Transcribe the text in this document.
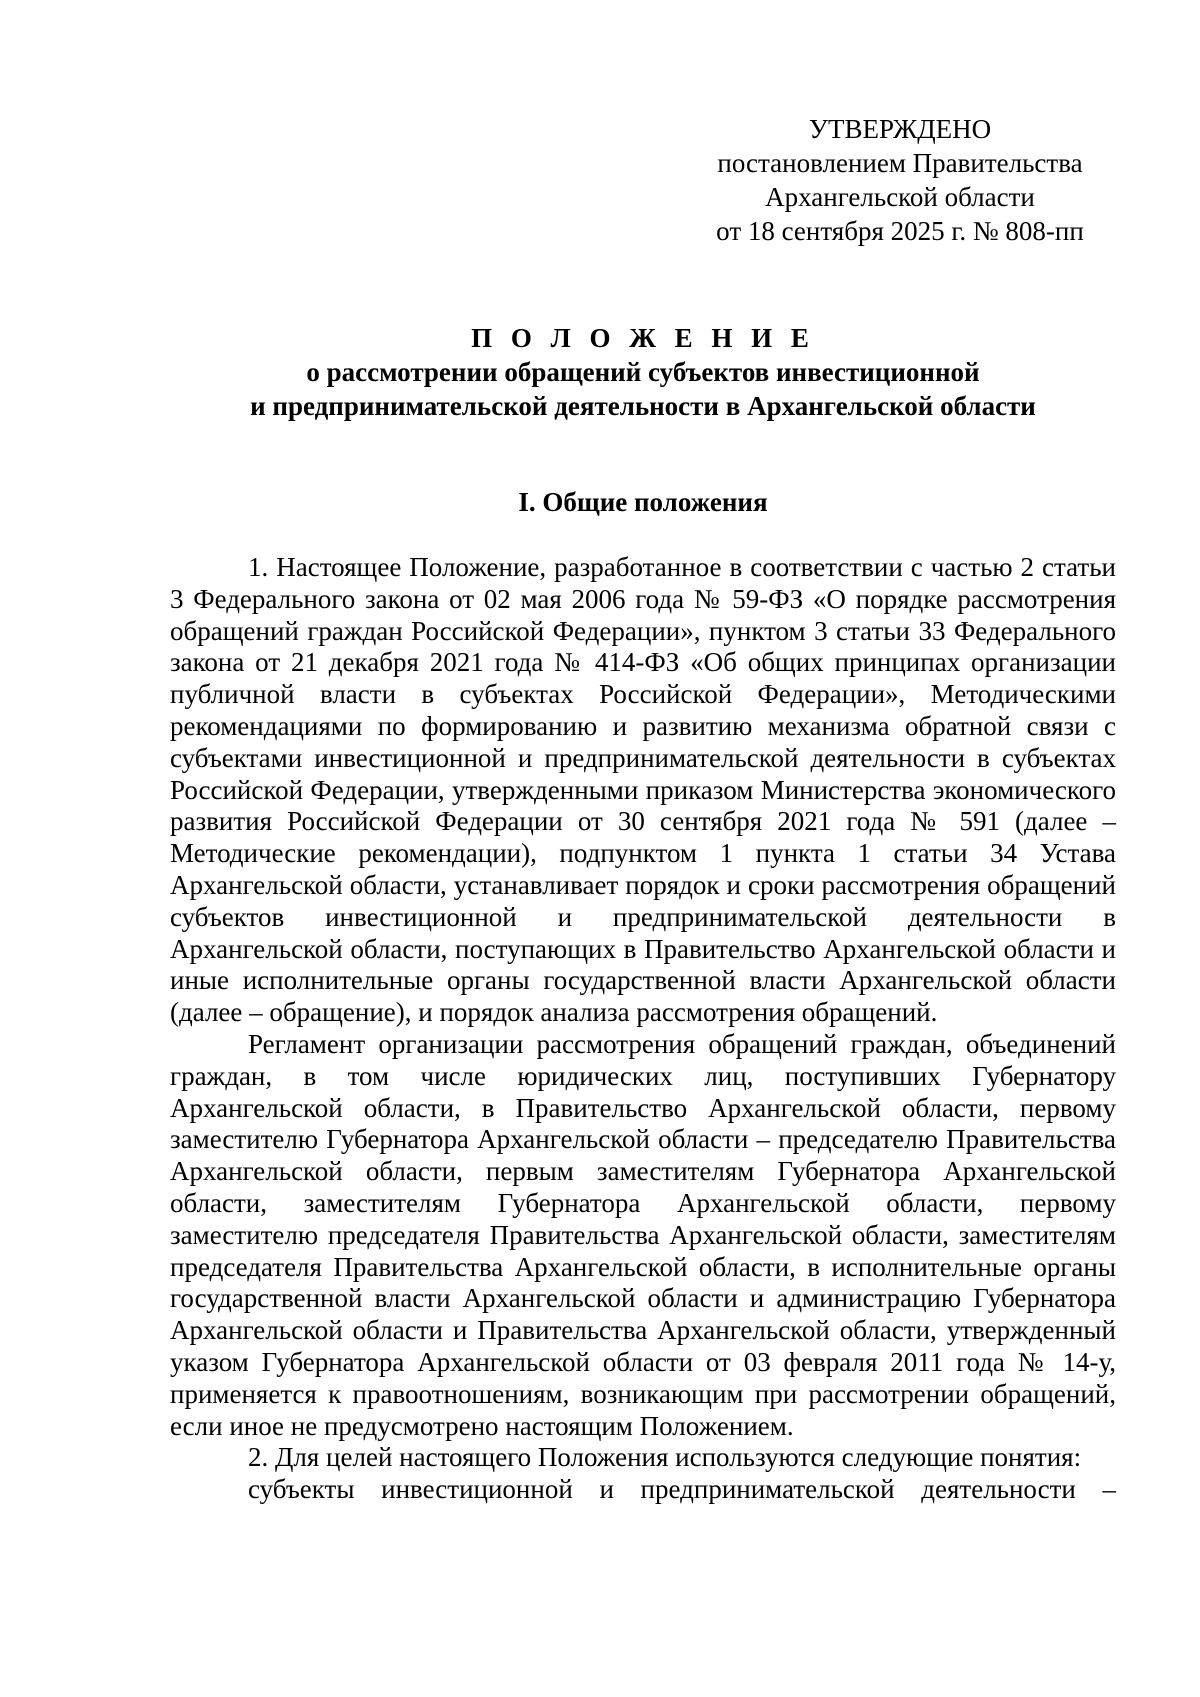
УТВЕРЖДЕНО
постановлением Правительства
Архангельской области
от 18 сентября 2025 г. № 808-пп
П О Л О Ж Е Н И Е
о рассмотрении обращений субъектов инвестиционной
и предпринимательской деятельности в Архангельской области
I. Общие положения

1. Настоящее Положение, разработанное в соответствии с частью 2 статьи 3 Федерального закона от 02 мая 2006 года № 59-ФЗ «О порядке рассмотрения обращений граждан Российской Федерации», пунктом 3 статьи 33 Федерального закона от 21 декабря 2021 года № 414-ФЗ «Об общих принципах организации публичной власти в субъектах Российской Федерации», Методическими рекомендациями по формированию и развитию механизма обратной связи с субъектами инвестиционной и предпринимательской деятельности в субъектах Российской Федерации, утвержденными приказом Министерства экономического развития Российской Федерации от 30 сентября 2021 года № 591 (далее – Методические рекомендации), подпунктом 1 пункта 1 статьи 34 Устава Архангельской области, устанавливает порядок и сроки рассмотрения обращений субъектов инвестиционной и предпринимательской деятельности в Архангельской области, поступающих в Правительство Архангельской области и иные исполнительные органы государственной власти Архангельской области (далее – обращение), и порядок анализа рассмотрения обращений.

Регламент организации рассмотрения обращений граждан, объединений граждан, в том числе юридических лиц, поступивших Губернатору Архангельской области, в Правительство Архангельской области, первому заместителю Губернатора Архангельской области – председателю Правительства Архангельской области, первым заместителям Губернатора Архангельской области, заместителям Губернатора Архангельской области, первому заместителю председателя Правительства Архангельской области, заместителям председателя Правительства Архангельской области, в исполнительные органы государственной власти Архангельской области и администрацию Губернатора Архангельской области и Правительства Архангельской области, утвержденный указом Губернатора Архангельской области от 03 февраля 2011 года № 14-у, применяется к правоотношениям, возникающим при рассмотрении обращений, если иное не предусмотрено настоящим Положением.

2. Для целей настоящего Положения используются следующие понятия:

субъекты инвестиционной и предпринимательской деятельности –
